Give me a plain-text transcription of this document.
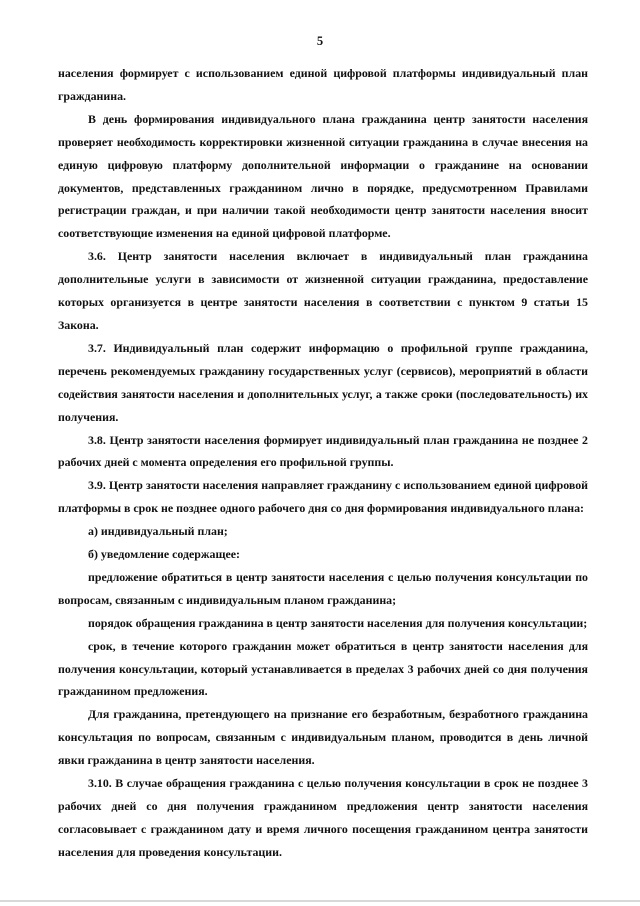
5

населения формирует с использованием единой цифровой платформы индивидуальный план гражданина.

В день формирования индивидуального плана гражданина центр занятости населения проверяет необходимость корректировки жизненной ситуации гражданина в случае внесения на единую цифровую платформу дополнительной информации о гражданине на основании документов, представленных гражданином лично в порядке, предусмотренном Правилами регистрации граждан, и при наличии такой необходимости центр занятости населения вносит соответствующие изменения на единой цифровой платформе.

3.6. Центр занятости населения включает в индивидуальный план гражданина дополнительные услуги в зависимости от жизненной ситуации гражданина, предоставление которых организуется в центре занятости населения в соответствии с пунктом 9 статьи 15 Закона.

3.7. Индивидуальный план содержит информацию о профильной группе гражданина, перечень рекомендуемых гражданину государственных услуг (сервисов), мероприятий в области содействия занятости населения и дополнительных услуг, а также сроки (последовательность) их получения.

3.8. Центр занятости населения формирует индивидуальный план гражданина не позднее 2 рабочих дней с момента определения его профильной группы.

3.9. Центр занятости населения направляет гражданину с использованием единой цифровой платформы в срок не позднее одного рабочего дня со дня формирования индивидуального плана:

а) индивидуальный план;

б) уведомление содержащее:

предложение обратиться в центр занятости населения с целью получения консультации по вопросам, связанным с индивидуальным планом гражданина;

порядок обращения гражданина в центр занятости населения для получения консультации;

срок, в течение которого гражданин может обратиться в центр занятости населения для получения консультации, который устанавливается в пределах 3 рабочих дней со дня получения гражданином предложения.

Для гражданина, претендующего на признание его безработным, безработного гражданина консультация по вопросам, связанным с индивидуальным планом, проводится в день личной явки гражданина в центр занятости населения.

3.10. В случае обращения гражданина с целью получения консультации в срок не позднее 3 рабочих дней со дня получения гражданином предложения центр занятости населения согласовывает с гражданином дату и время личного посещения гражданином центра занятости населения для проведения консультации.
